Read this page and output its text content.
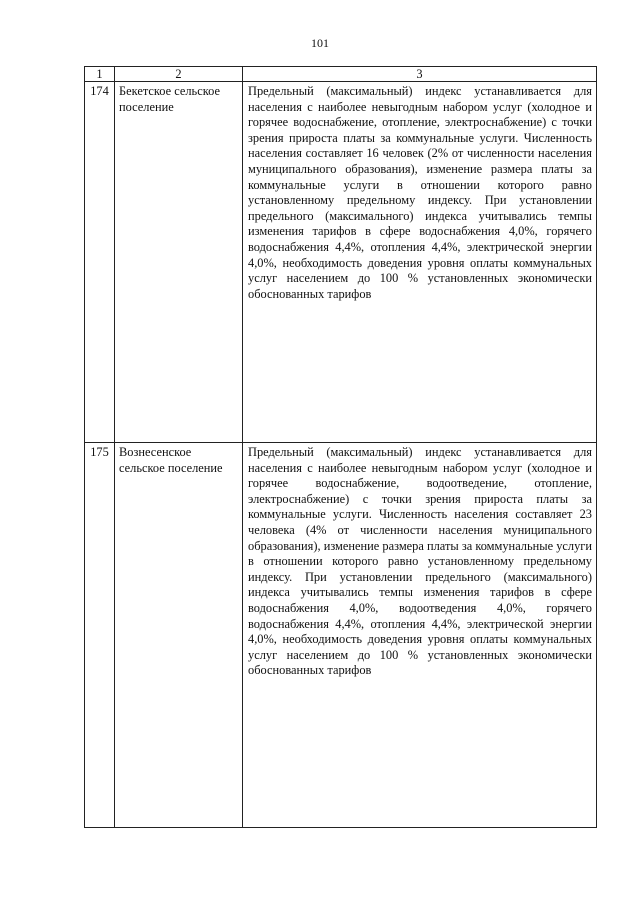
101
1	2	3
174	Бекетское сельское поселение	Предельный (максимальный) индекс устанавливается для населения с наиболее невыгодным набором услуг (холодное и горячее водоснабжение, отопление, электроснабжение) с точки зрения прироста платы за коммунальные услуги. Численность населения составляет 16 человек (2% от численности населения муниципального образования), изменение размера платы за коммунальные услуги в отношении которого равно установленному предельному индексу. При установлении предельного (максимального) индекса учитывались темпы изменения тарифов в сфере водоснабжения 4,0%, горячего водоснабжения 4,4%, отопления 4,4%, электрической энергии 4,0%, необходимость доведения уровня оплаты коммунальных услуг населением до 100 % установленных экономически обоснованных тарифов
175	Вознесенское сельское поселение	Предельный (максимальный) индекс устанавливается для населения с наиболее невыгодным набором услуг (холодное и горячее водоснабжение, водоотведение, отопление, электроснабжение) с точки зрения прироста платы за коммунальные услуги. Численность населения составляет 23 человека (4% от численности населения муниципального образования), изменение размера платы за коммунальные услуги в отношении которого равно установленному предельному индексу. При установлении предельного (максимального) индекса учитывались темпы изменения тарифов в сфере водоснабжения 4,0%, водоотведения 4,0%, горячего водоснабжения 4,4%, отопления 4,4%, электрической энергии 4,0%, необходимость доведения уровня оплаты коммунальных услуг населением до 100 % установленных экономически обоснованных тарифов
